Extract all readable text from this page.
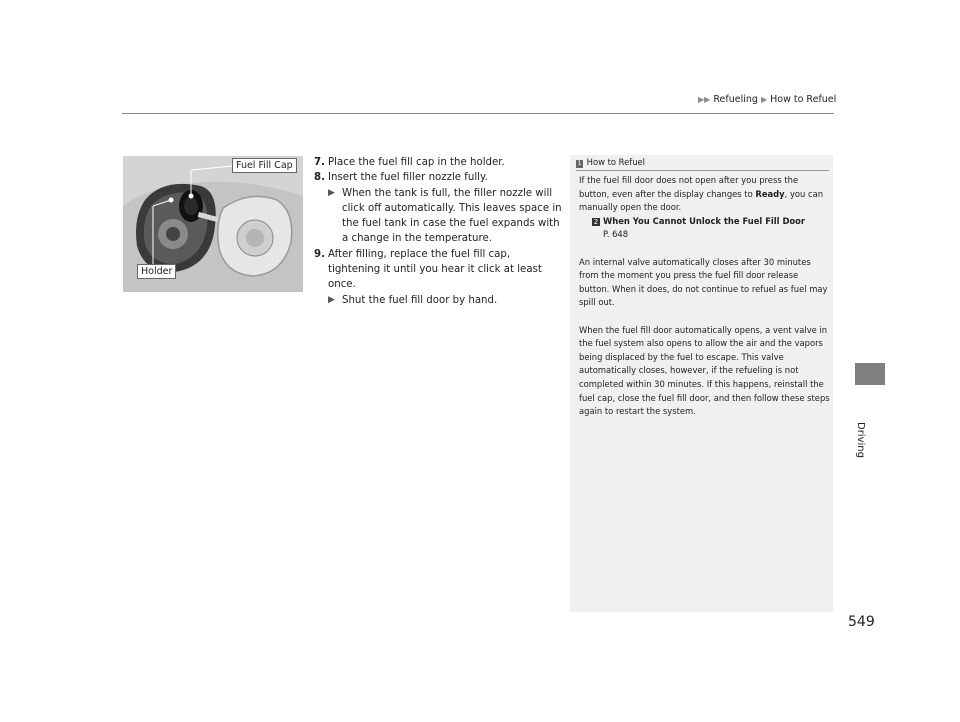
▶▶ Refueling ▶ How to Refuel
Driving
Fuel Fill Cap
Holder
7. Place the fuel fill cap in the holder.
8. Insert the fuel filler nozzle fully.
▶ When the tank is full, the filler nozzle will click off automatically. This leaves space in the fuel tank in case the fuel expands with a change in the temperature.
9. After filling, replace the fuel fill cap, tightening it until you hear it click at least once.
▶ Shut the fuel fill door by hand.
1 How to Refuel

If the fuel fill door does not open after you press the button, even after the display changes to Ready, you can manually open the door.

2 When You Cannot Unlock the Fuel Fill Door
P. 648

An internal valve automatically closes after 30 minutes from the moment you press the fuel fill door release button. When it does, do not continue to refuel as fuel may spill out.

When the fuel fill door automatically opens, a vent valve in the fuel system also opens to allow the air and the vapors being displaced by the fuel to escape. This valve automatically closes, however, if the refueling is not completed within 30 minutes. If this happens, reinstall the fuel cap, close the fuel fill door, and then follow these steps again to restart the system.

549
